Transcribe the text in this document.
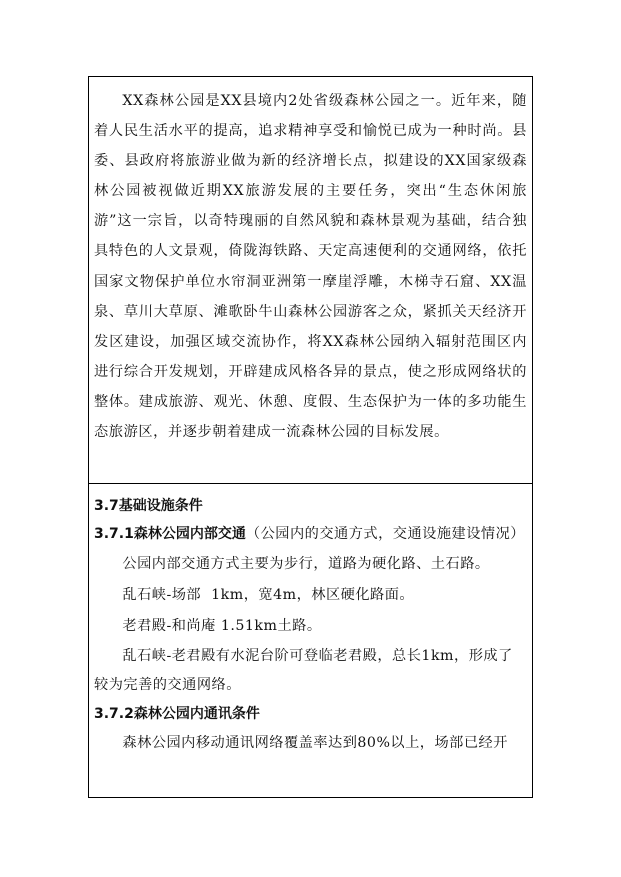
XX森林公园是XX县境内2处省级森林公园之一。近年来，随着人民生活水平的提高，追求精神享受和愉悦已成为一种时尚。县委、县政府将旅游业做为新的经济增长点，拟建设的XX国家级森林公园被视做近期XX旅游发展的主要任务，突出“生态休闲旅游”这一宗旨，以奇特瑰丽的自然风貌和森林景观为基础，结合独具特色的人文景观，倚陇海铁路、天定高速便利的交通网络，依托国家文物保护单位水帘洞亚洲第一摩崖浮雕，木梯寺石窟、XX温泉、草川大草原、滩歌卧牛山森林公园游客之众，紧抓关天经济开发区建设，加强区域交流协作，将XX森林公园纳入辐射范围区内进行综合开发规划，开辟建成风格各异的景点，使之形成网络状的整体。建成旅游、观光、休憩、度假、生态保护为一体的多功能生态旅游区，并逐步朝着建成一流森林公园的目标发展。

3.7基础设施条件

3.7.1森林公园内部交通（公园内的交通方式，交通设施建设情况）

公园内部交通方式主要为步行，道路为硬化路、土石路。

乱石峡-场部  1km，宽4m，林区硬化路面。

老君殿-和尚庵 1.51km土路。

乱石峡-老君殿有水泥台阶可登临老君殿，总长1km，形成了较为完善的交通网络。

3.7.2森林公园内通讯条件

森林公园内移动通讯网络覆盖率达到80%以上，场部已经开
